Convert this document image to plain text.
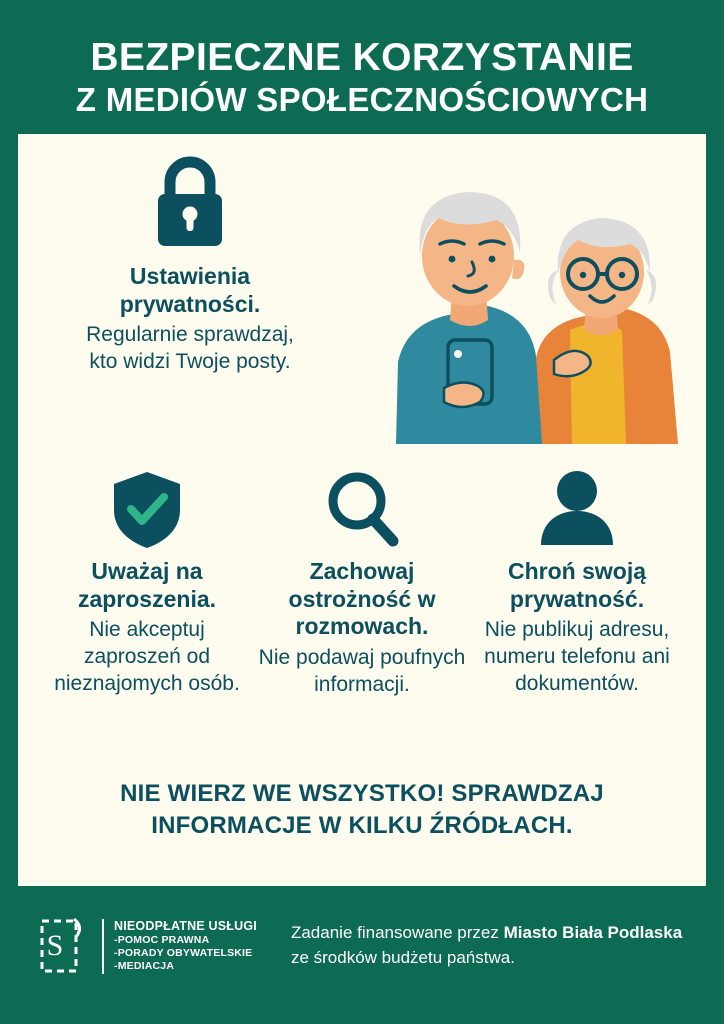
BEZPIECZNE KORZYSTANIE
Z MEDIÓW SPOŁECZNOŚCIOWYCH
Ustawienia prywatności.
Regularnie sprawdzaj, kto widzi Twoje posty.
Uważaj na zaproszenia.
Nie akceptuj zaproszeń od nieznajomych osób.
Zachowaj ostrożność w rozmowach.
Nie podawaj poufnych informacji.
Chroń swoją prywatność.
Nie publikuj adresu, numeru telefonu ani dokumentów.
NIE WIERZ WE WSZYSTKO! SPRAWDZAJ
INFORMACJE W KILKU ŹRÓDŁACH.
S
NIEODPŁATNE USŁUGI
-POMOC PRAWNA
-PORADY OBYWATELSKIE
-MEDIACJA
Zadanie finansowane przez Miasto Biała Podlaska
ze środków budżetu państwa.
